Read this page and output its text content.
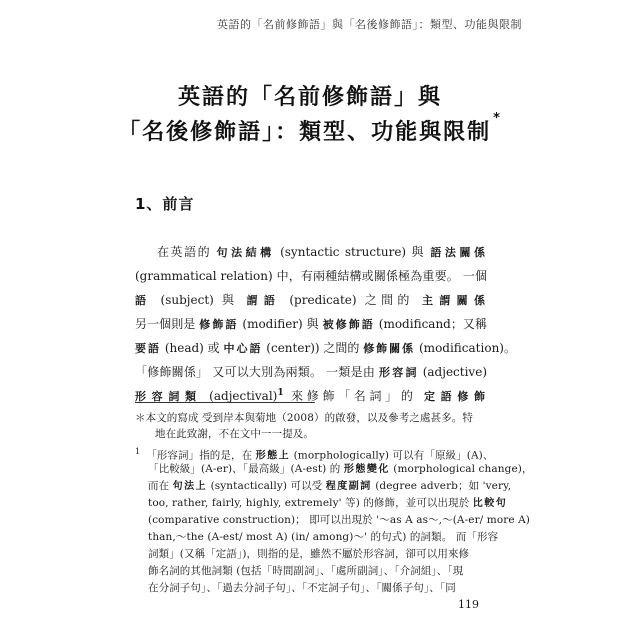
英語的「名前修飾語」與「名後修飾語」：類型、功能與限制
英語的「名前修飾語」與
「名後修飾語」：類型、功能與限制*
1、前言
在英語的 句法結構 (syntactic structure) 與 語法關係
(grammatical relation) 中，有兩種結構或關係極為重要。 一個
語 (subject) 與 謂語 (predicate) 之間的 主謂關係
另一個則是 修飾語 (modifier) 與 被修飾語 (modificand；又稱
要語 (head) 或 中心語 (center)) 之間的 修飾關係 (modification)。
「修飾關係」 又可以大別為兩類。 一類是由 形容詞 (adjective)
形容詞類 (adjectival)$^1$ 來修飾「名詞」的 定語修飾
＊本文的寫成 受到岸本與菊地（2008）的啟發，以及參考之處甚多。特
地在此致謝，不在文中一一提及。
$^1$ 「形容詞」指的是，在 形態上 (morphologically) 可以有「原級」(A)、
「比較級」(A-er)、「最高級」(A-est) 的 形態變化 (morphological change)，
而在 句法上 (syntactically) 可以受 程度副詞 (degree adverb；如 'very,
too, rather, fairly, highly, extremely' 等) 的修飾，並可以出現於 比較句
(comparative construction)； 即可以出現於 '～as A as～,～(A-er/ more A)
than,～the (A-est/ most A) (in/ among)～' 的句式) 的詞類。 而「形容
詞類」(又稱「定語」)，則指的是，雖然不屬於形容詞，卻可以用來修
飾名詞的其他詞類 (包括「時間副詞」、「處所副詞」、「介詞組」、「現
在分詞子句」、「過去分詞子句」、「不定詞子句」、「關係子句」、「同
119
